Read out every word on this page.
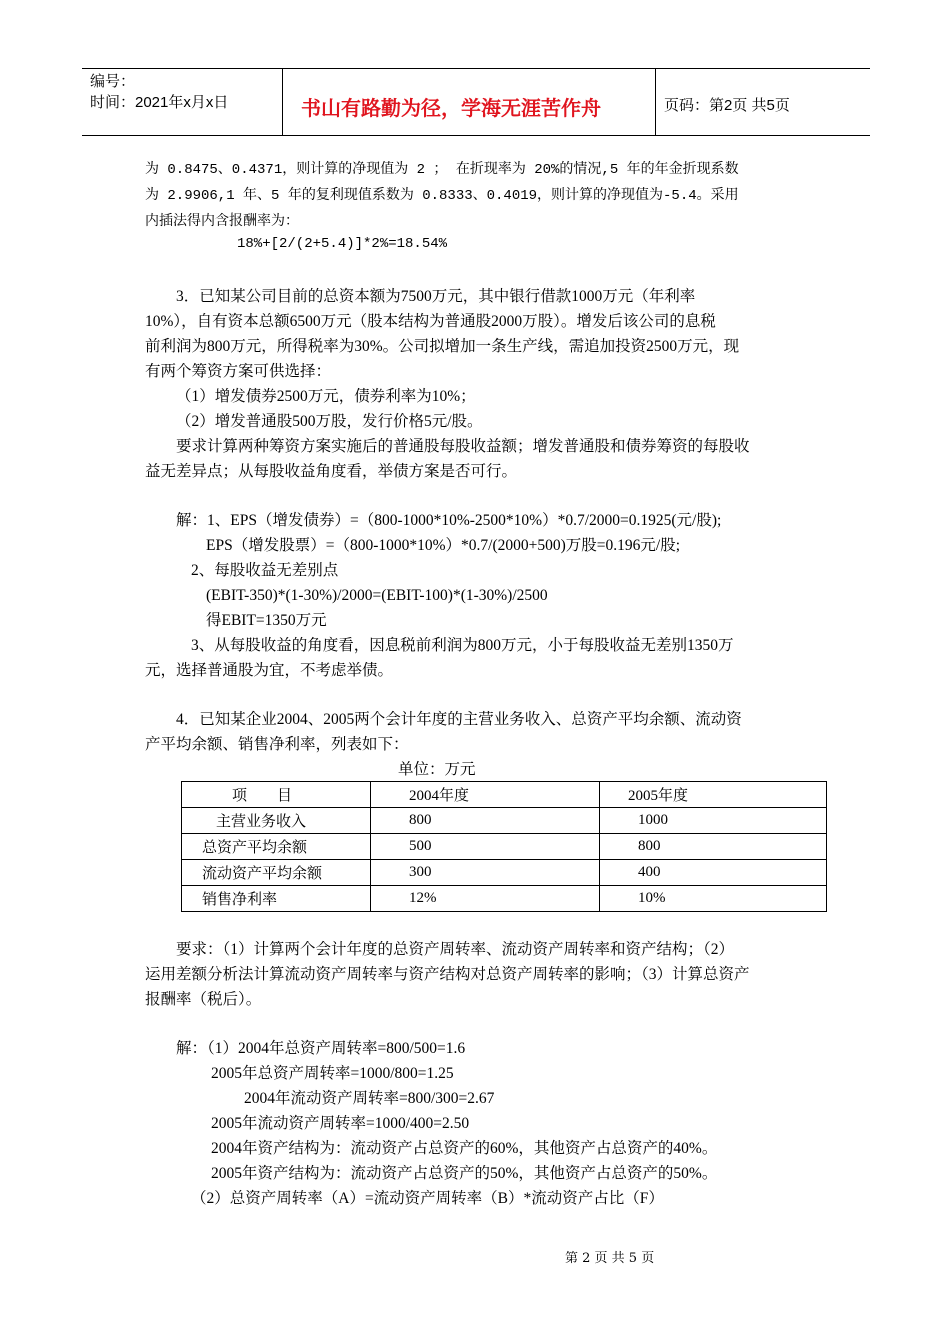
编号：
时间：2021年x月x日	书山有路勤为径，学海无涯苦作舟	页码：第2页 共5页
为 0.8475、0.4371，则计算的净现值为 2 ； 在折现率为 20%的情况,5 年的年金折现系数
为 2.9906,1 年、5 年的复利现值系数为 0.8333、0.4019，则计算的净现值为-5.4。采用
内插法得内含报酬率为：
18%+[2/(2+5.4)]*2%=18.54%
3．已知某公司目前的总资本额为7500万元，其中银行借款1000万元（年利率
10%），自有资本总额6500万元（股本结构为普通股2000万股）。增发后该公司的息税
前利润为800万元，所得税率为30%。公司拟增加一条生产线，需追加投资2500万元，现
有两个筹资方案可供选择：
（1）增发债券2500万元，债券利率为10%；
（2）增发普通股500万股，发行价格5元/股。
要求计算两种筹资方案实施后的普通股每股收益额；增发普通股和债券筹资的每股收
益无差异点；从每股收益角度看，举债方案是否可行。
解：1、EPS（增发债券）=（800-1000*10%-2500*10%）*0.7/2000=0.1925(元/股);
EPS（增发股票）=（800-1000*10%）*0.7/(2000+500)万股=0.196元/股;
2、每股收益无差别点
(EBIT-350)*(1-30%)/2000=(EBIT-100)*(1-30%)/2500
得EBIT=1350万元
3、从每股收益的角度看，因息税前利润为800万元，小于每股收益无差别1350万
元，选择普通股为宜，不考虑举债。
4．已知某企业2004、2005两个会计年度的主营业务收入、总资产平均余额、流动资
产平均余额、销售净利率，列表如下：
单位：万元
项　　目	2004年度	2005年度
主营业务收入	800	1000
总资产平均余额	500	800
流动资产平均余额	300	400
销售净利率	12%	10%
要求：（1）计算两个会计年度的总资产周转率、流动资产周转率和资产结构；（2）
运用差额分析法计算流动资产周转率与资产结构对总资产周转率的影响；（3）计算总资产
报酬率（税后）。
解：（1）2004年总资产周转率=800/500=1.6
2005年总资产周转率=1000/800=1.25
2004年流动资产周转率=800/300=2.67
2005年流动资产周转率=1000/400=2.50
2004年资产结构为：流动资产占总资产的60%，其他资产占总资产的40%。
2005年资产结构为：流动资产占总资产的50%，其他资产占总资产的50%。
（2）总资产周转率（A）=流动资产周转率（B）*流动资产占比（F）
第 2 页 共 5 页
